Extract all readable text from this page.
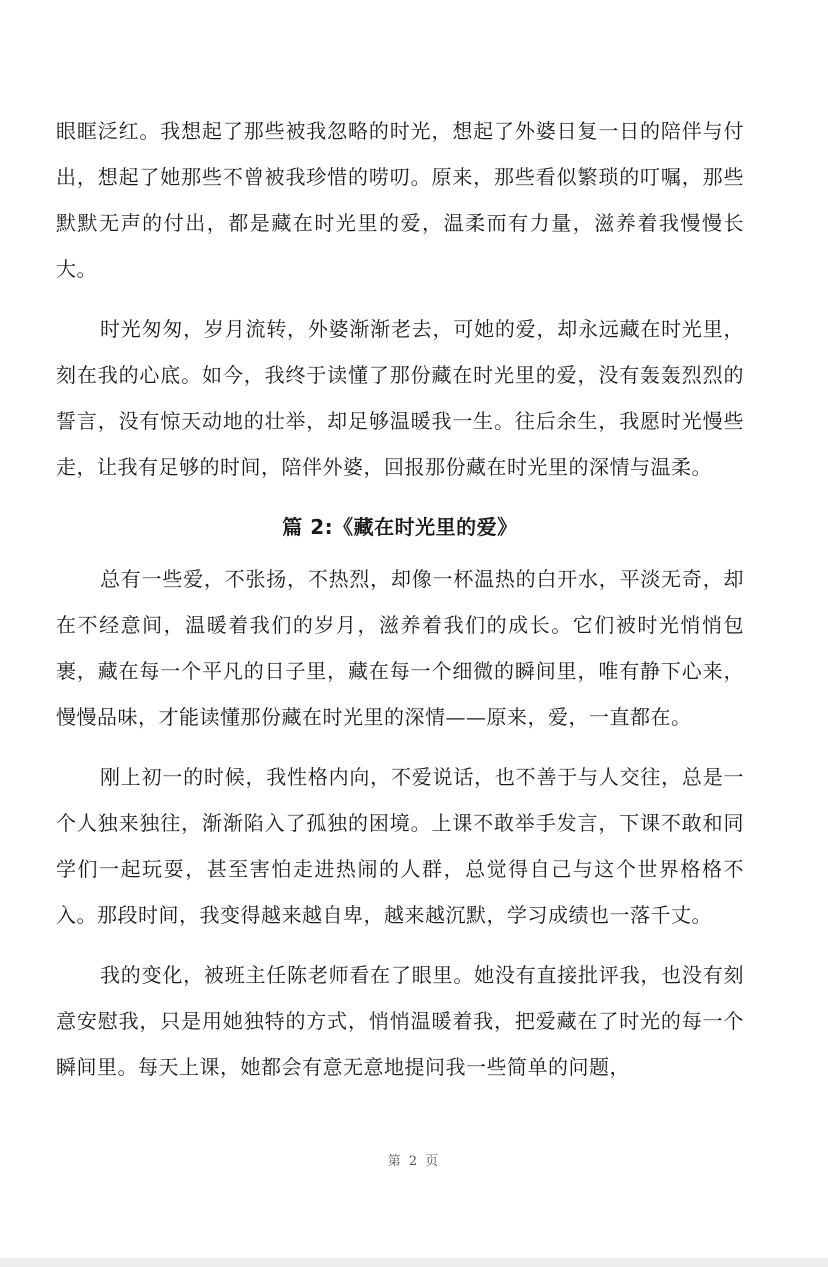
眼眶泛红。我想起了那些被我忽略的时光，想起了外婆日复一日的陪伴与付出，想起了她那些不曾被我珍惜的唠叨。原来，那些看似繁琐的叮嘱，那些默默无声的付出，都是藏在时光里的爱，温柔而有力量，滋养着我慢慢长大。

时光匆匆，岁月流转，外婆渐渐老去，可她的爱，却永远藏在时光里，刻在我的心底。如今，我终于读懂了那份藏在时光里的爱，没有轰轰烈烈的誓言，没有惊天动地的壮举，却足够温暖我一生。往后余生，我愿时光慢些走，让我有足够的时间，陪伴外婆，回报那份藏在时光里的深情与温柔。

篇 2:《藏在时光里的爱》

总有一些爱，不张扬，不热烈，却像一杯温热的白开水，平淡无奇，却在不经意间，温暖着我们的岁月，滋养着我们的成长。它们被时光悄悄包裹，藏在每一个平凡的日子里，藏在每一个细微的瞬间里，唯有静下心来，慢慢品味，才能读懂那份藏在时光里的深情——原来，爱，一直都在。

刚上初一的时候，我性格内向，不爱说话，也不善于与人交往，总是一个人独来独往，渐渐陷入了孤独的困境。上课不敢举手发言，下课不敢和同学们一起玩耍，甚至害怕走进热闹的人群，总觉得自己与这个世界格格不入。那段时间，我变得越来越自卑，越来越沉默，学习成绩也一落千丈。

我的变化，被班主任陈老师看在了眼里。她没有直接批评我，也没有刻意安慰我，只是用她独特的方式，悄悄温暖着我，把爱藏在了时光的每一个瞬间里。每天上课，她都会有意无意地提问我一些简单的问题，

第 2 页
